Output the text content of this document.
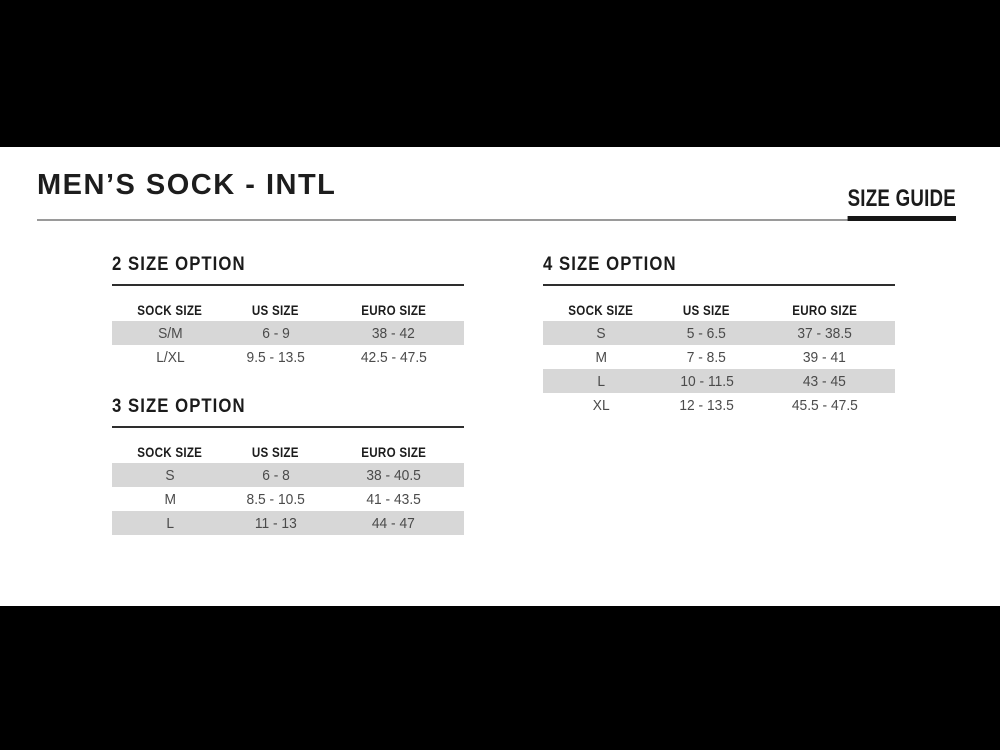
MEN’S SOCK - INTL	SIZE GUIDE
2 SIZE OPTION
SOCK SIZE	US SIZE	EURO SIZE
S/M	6 - 9	38 - 42
L/XL	9.5 - 13.5	42.5 - 47.5
3 SIZE OPTION
SOCK SIZE	US SIZE	EURO SIZE
S	6 - 8	38 - 40.5
M	8.5 - 10.5	41 - 43.5
L	11 - 13	44 - 47
4 SIZE OPTION
SOCK SIZE	US SIZE	EURO SIZE
S	5 - 6.5	37 - 38.5
M	7 - 8.5	39 - 41
L	10 - 11.5	43 - 45
XL	12 - 13.5	45.5 - 47.5
